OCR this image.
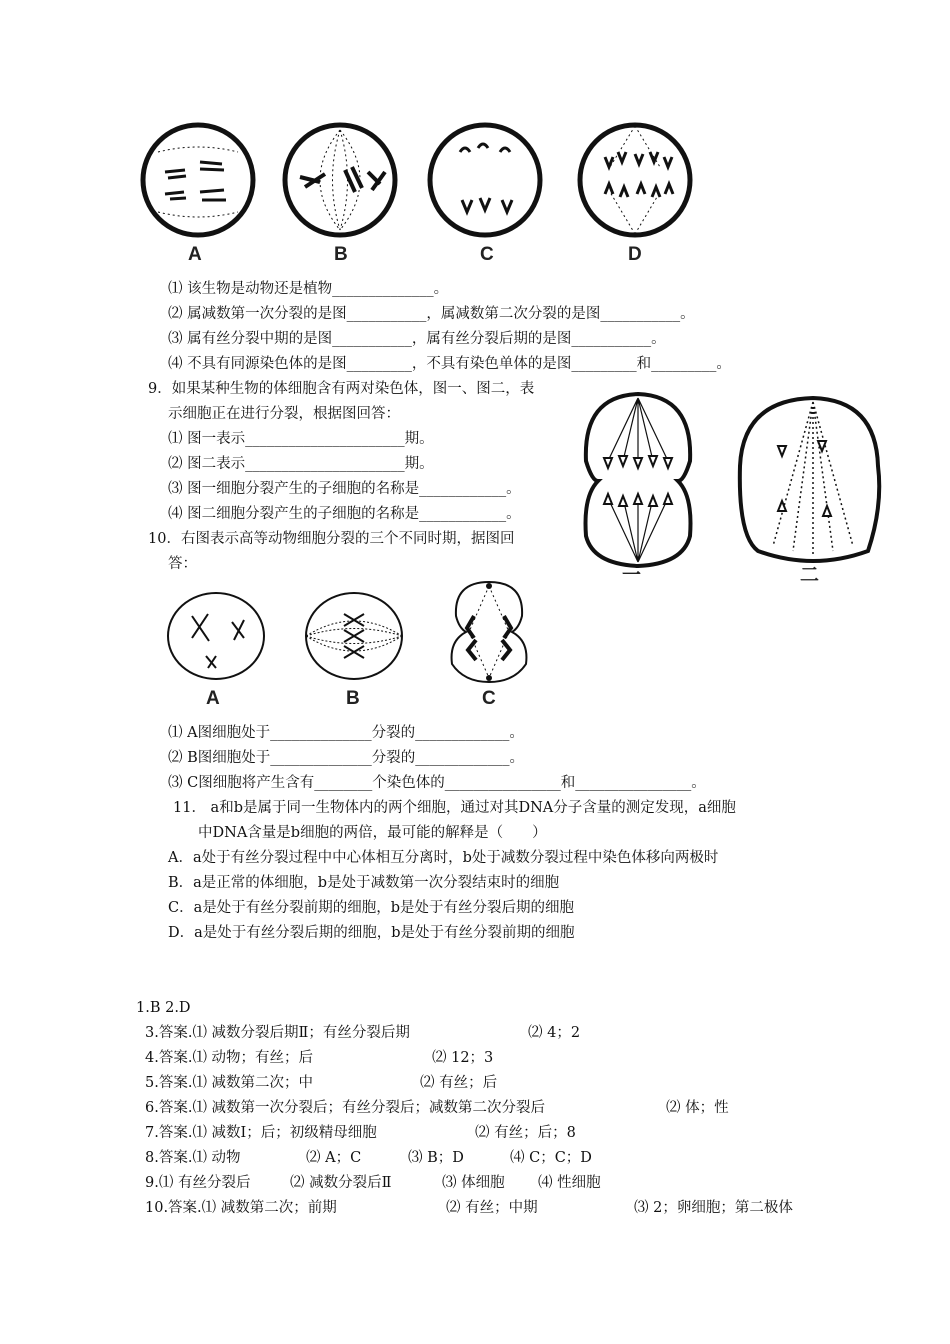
A	B	C	D
⑴ 该生物是动物还是植物______________。
⑵ 属减数第一次分裂的是图___________，属减数第二次分裂的是图___________。
⑶ 属有丝分裂中期的是图___________，属有丝分裂后期的是图___________。
⑷ 不具有同源染色体的是图_________，不具有染色单体的是图_________和_________。
9．如果某种生物的体细胞含有两对染色体，图一、图二，表
示细胞正在进行分裂，根据图回答：
⑴ 图一表示______________________期。
⑵ 图二表示______________________期。
⑶ 图一细胞分裂产生的子细胞的名称是____________。
⑷ 图二细胞分裂产生的子细胞的名称是____________。
一	二
10．右图表示高等动物细胞分裂的三个不同时期，据图回
答：
A	B	C
⑴ A图细胞处于______________分裂的_____________。
⑵ B图细胞处于______________分裂的_____________。
⑶ C图细胞将产生含有________个染色体的________________和________________。
11． a和b是属于同一生物体内的两个细胞，通过对其DNA分子含量的测定发现，a细胞
中DNA含量是b细胞的两倍，最可能的解释是（　　）
A．a处于有丝分裂过程中中心体相互分离时，b处于减数分裂过程中染色体移向两极时
B．a是正常的体细胞，b是处于减数第一次分裂结束时的细胞
C．a是处于有丝分裂前期的细胞，b是处于有丝分裂后期的细胞
D．a是处于有丝分裂后期的细胞，b是处于有丝分裂前期的细胞
1.B 2.D
3.答案.⑴ 减数分裂后期Ⅱ；有丝分裂后期	⑵ 4；2
4.答案.⑴ 动物；有丝；后	⑵ 12；3
5.答案.⑴ 减数第二次；中	⑵ 有丝；后
6.答案.⑴ 减数第一次分裂后；有丝分裂后；减数第二次分裂后	⑵ 体；性
7.答案.⑴ 减数Ⅰ；后；初级精母细胞	⑵ 有丝；后；8
8.答案.⑴ 动物	⑵ A；C	⑶ B；D	⑷ C；C；D
9.⑴ 有丝分裂后	⑵ 减数分裂后Ⅱ	⑶ 体细胞 ⑷ 性细胞
10.答案.⑴ 减数第二次；前期	⑵ 有丝；中期	⑶ 2；卵细胞；第二极体
